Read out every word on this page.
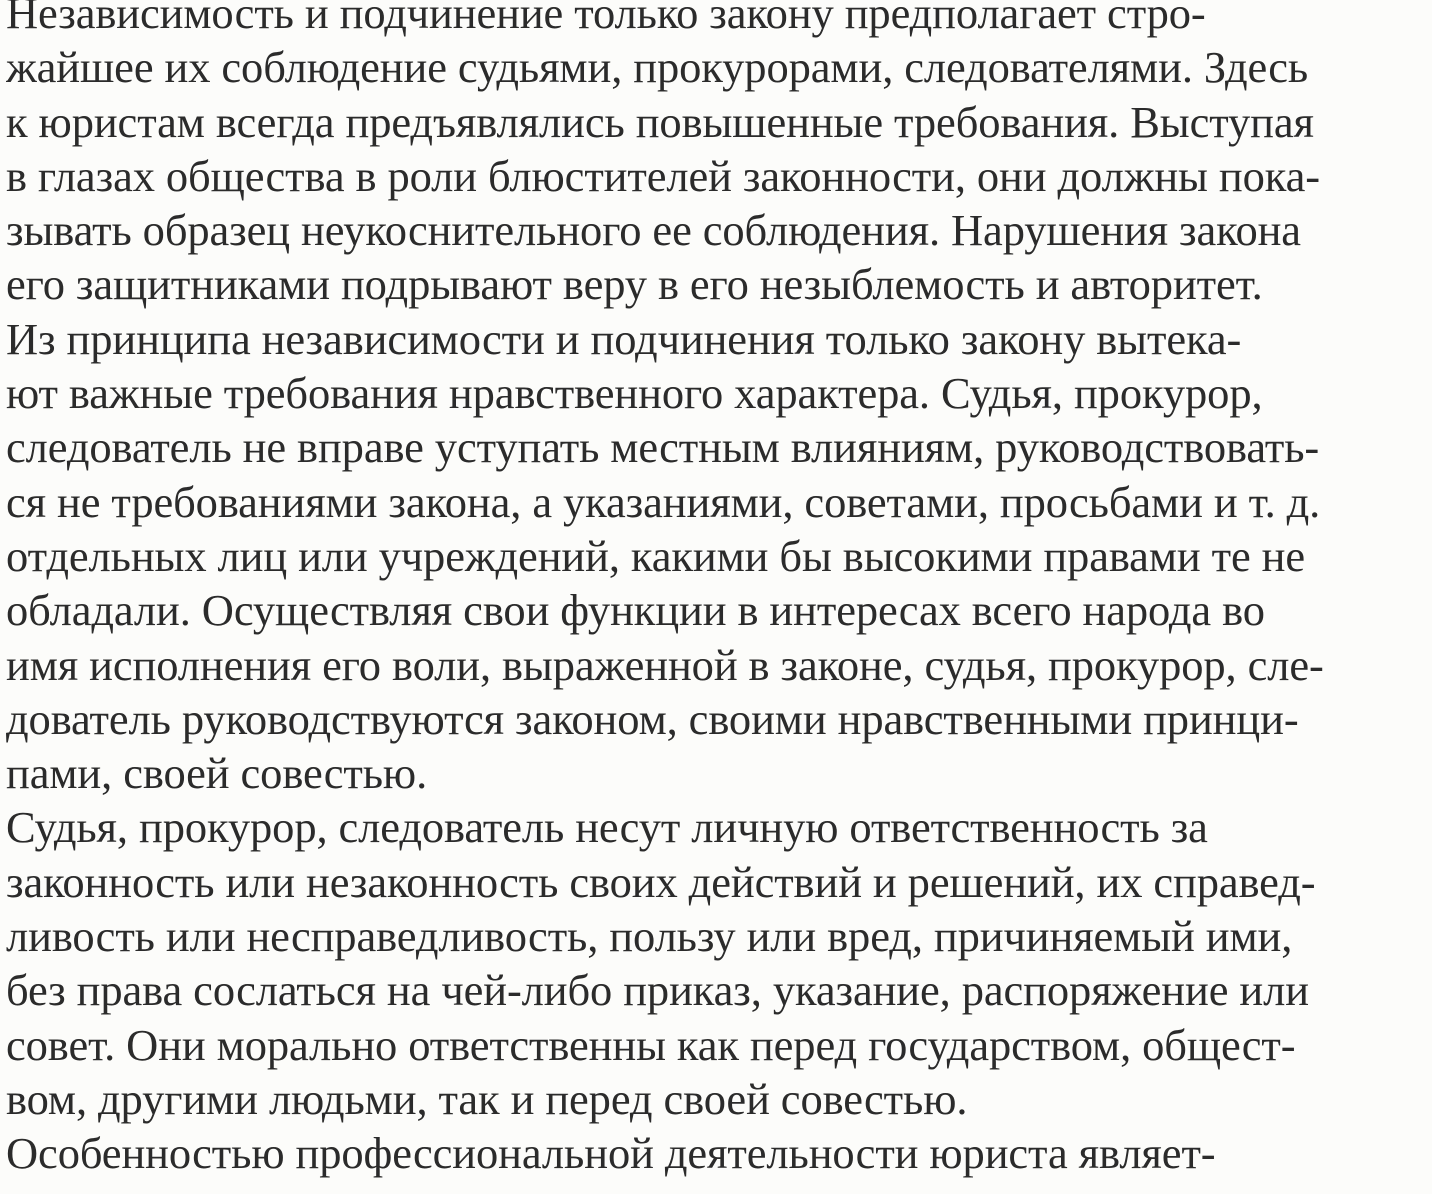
Независимость и подчинение только закону предполагает стро-
жайшее их соблюдение судьями, прокурорами, следователями. Здесь
к юристам всегда предъявлялись повышенные требования. Выступая
в глазах общества в роли блюстителей законности, они должны пока-
зывать образец неукоснительного ее соблюдения. Нарушения закона
его защитниками подрывают веру в его незыблемость и авторитет.
Из принципа независимости и подчинения только закону вытека-
ют важные требования нравственного характера. Судья, прокурор,
следователь не вправе уступать местным влияниям, руководствовать-
ся не требованиями закона, а указаниями, советами, просьбами и т. д.
отдельных лиц или учреждений, какими бы высокими правами те не
обладали. Осуществляя свои функции в интересах всего народа во
имя исполнения его воли, выраженной в законе, судья, прокурор, сле-
дователь руководствуются законом, своими нравственными принци-
пами, своей совестью.
Судья, прокурор, следователь несут личную ответственность за
законность или незаконность своих действий и решений, их справед-
ливость или несправедливость, пользу или вред, причиняемый ими,
без права сослаться на чей-либо приказ, указание, распоряжение или
совет. Они морально ответственны как перед государством, общест-
вом, другими людьми, так и перед своей совестью.
Особенностью профессиональной деятельности юриста являет-
